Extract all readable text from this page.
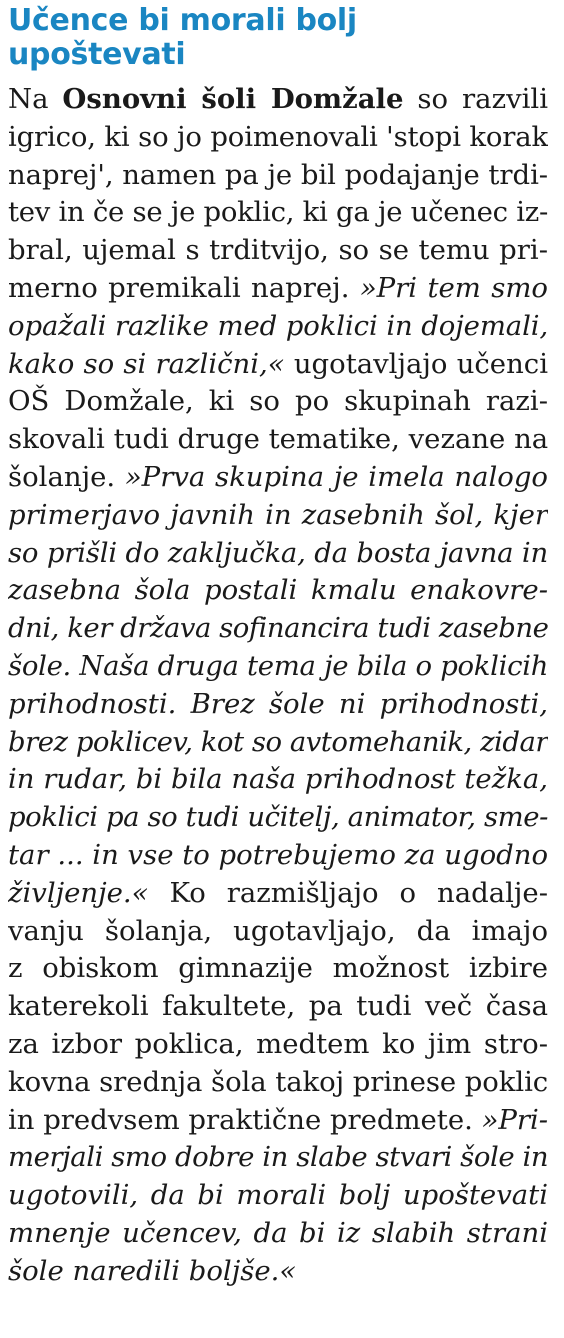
Učence bi morali bolj
upoštevati
Na Osnovni šoli Domžale so razvili
igrico, ki so jo poimenovali 'stopi korak
naprej', namen pa je bil podajanje trdi-
tev in če se je poklic, ki ga je učenec iz-
bral, ujemal s trditvijo, so se temu pri-
merno premikali naprej. »Pri tem smo
opažali razlike med poklici in dojemali,
kako so si različni,« ugotavljajo učenci
OŠ Domžale, ki so po skupinah razi-
skovali tudi druge tematike, vezane na
šolanje. »Prva skupina je imela nalogo
primerjavo javnih in zasebnih šol, kjer
so prišli do zaključka, da bosta javna in
zasebna šola postali kmalu enakovre-
dni, ker država sofinancira tudi zasebne
šole. Naša druga tema je bila o poklicih
prihodnosti. Brez šole ni prihodnosti,
brez poklicev, kot so avtomehanik, zidar
in rudar, bi bila naša prihodnost težka,
poklici pa so tudi učitelj, animator, sme-
tar ... in vse to potrebujemo za ugodno
življenje.« Ko razmišljajo o nadalje-
vanju šolanja, ugotavljajo, da imajo
z obiskom gimnazije možnost izbire
katerekoli fakultete, pa tudi več časa
za izbor poklica, medtem ko jim stro-
kovna srednja šola takoj prinese poklic
in predvsem praktične predmete. »Pri-
merjali smo dobre in slabe stvari šole in
ugotovili, da bi morali bolj upoštevati
mnenje učencev, da bi iz slabih strani
šole naredili boljše.«
